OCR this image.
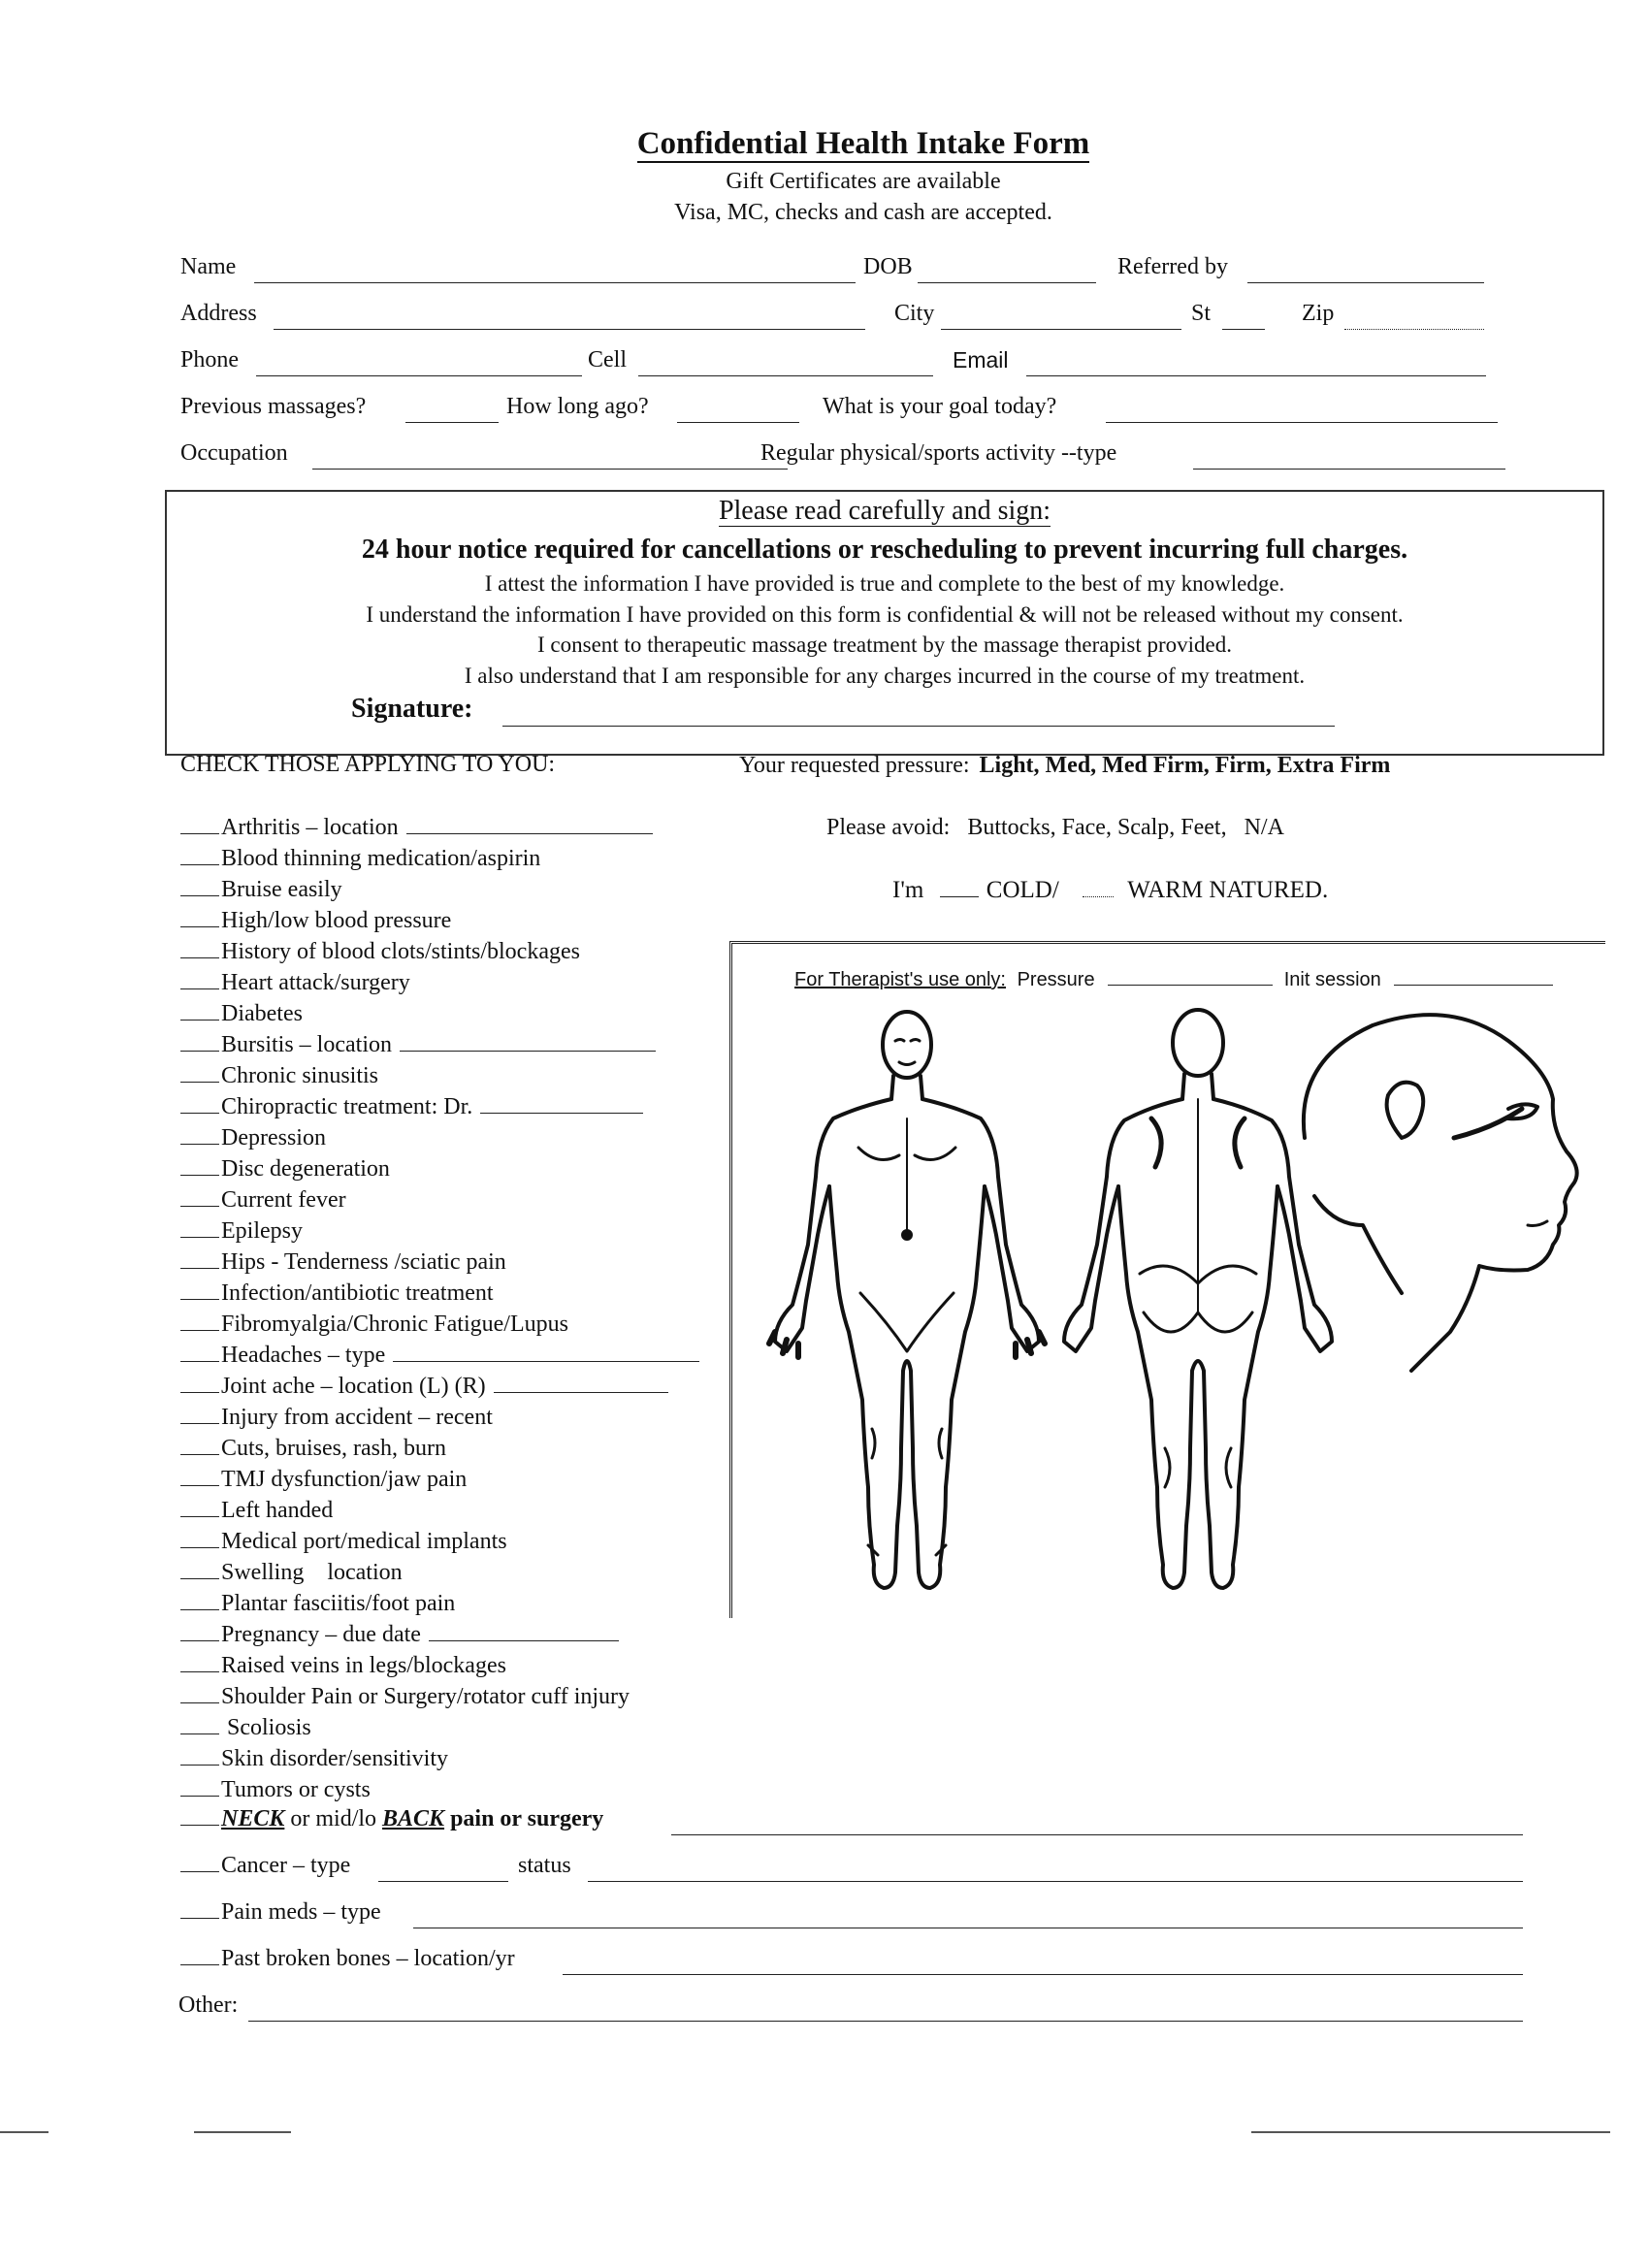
Confidential Health Intake Form
Gift Certificates are available
Visa, MC, checks and cash are accepted.
Name	DOB	Referred by
Address	City	St	Zip
Phone	Cell	Email
Previous massages?	How long ago?	What is your goal today?
Occupation	Regular physical/sports activity --type
Please read carefully and sign:
24 hour notice required for cancellations or rescheduling to prevent incurring full charges.
I attest the information I have provided is true and complete to the best of my knowledge.
I understand the information I have provided on this form is confidential & will not be released without my consent.
I consent to therapeutic massage treatment by the massage therapist provided.
I also understand that I am responsible for any charges incurred in the course of my treatment.
Signature:
CHECK THOSE APPLYING TO YOU:	Your requested pressure: Light, Med, Med Firm, Firm, Extra Firm
Please avoid: Buttocks, Face, Scalp, Feet,   N/A
I'm	COLD/	WARM NATURED.
Arthritis – location
Blood thinning medication/aspirin
Bruise easily
High/low blood pressure
History of blood clots/stints/blockages
Heart attack/surgery
Diabetes
Bursitis – location
Chronic sinusitis
Chiropractic treatment: Dr.
Depression
Disc degeneration
Current fever
Epilepsy
Hips - Tenderness /sciatic pain
Infection/antibiotic treatment
Fibromyalgia/Chronic Fatigue/Lupus
Headaches – type
Joint ache – location (L) (R)
Injury from accident – recent
Cuts, bruises, rash, burn
TMJ dysfunction/jaw pain
Left handed
Medical port/medical implants
Swelling    location
Plantar fasciitis/foot pain
Pregnancy – due date
Raised veins in legs/blockages
Shoulder Pain or Surgery/rotator cuff injury
Scoliosis
Skin disorder/sensitivity
Tumors or cysts
NECK or mid/lo BACK pain or surgery
Cancer – type	status
Pain meds – type
Past broken bones – location/yr
Other:
For Therapist's use only: Pressure	Init session
